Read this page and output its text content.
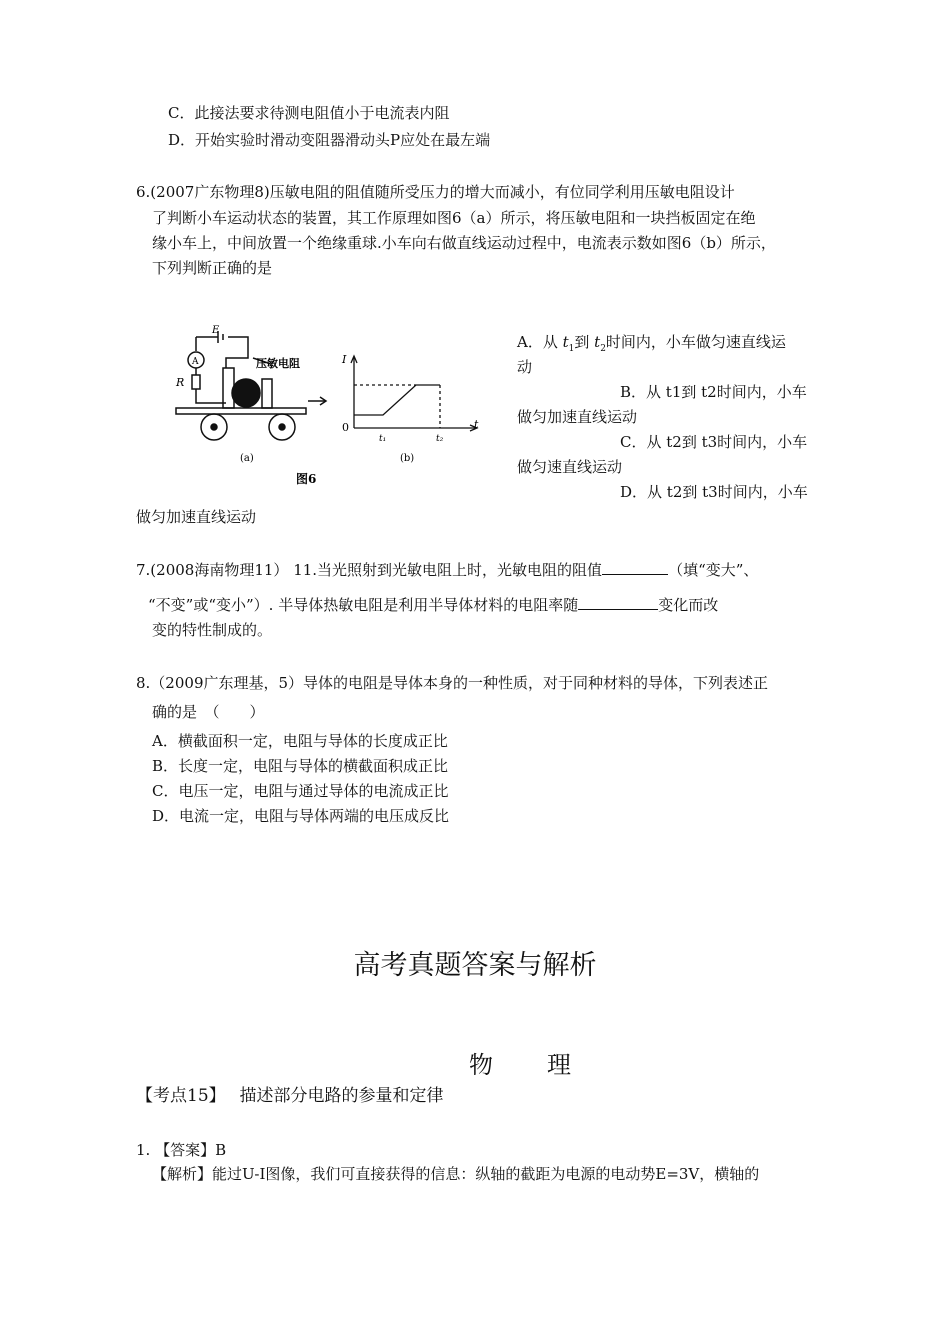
C．此接法要求待测电阻值小于电流表内阻
D．开始实验时滑动变阻器滑动头P应处在最左端
6.(2007广东物理8)压敏电阻的阻值随所受压力的增大而减小，有位同学利用压敏电阻设计
了判断小车运动状态的装置，其工作原理如图6（a）所示，将压敏电阻和一块挡板固定在绝
缘小车上，中间放置一个绝缘重球.小车向右做直线运动过程中，电流表示数如图6（b）所示，
下列判断正确的是
E
A
R
压敏电阻
(a)
图6
I
t
0
t₁	t₂
(b)
A．从 $t_1$到 $t_2$时间内，小车做匀速直线运
动
B．从 t1到 t2时间内，小车
做匀加速直线运动
C．从 t2到 t3时间内，小车
做匀速直线运动
D．从 t2到 t3时间内，小车
做匀加速直线运动
7.(2008海南物理11） 11.当光照射到光敏电阻上时，光敏电阻的阻值	（填“变大”、
“不变”或“变小”）. 半导体热敏电阻是利用半导体材料的电阻率随	变化而改
变的特性制成的。
8.（2009广东理基，5）导体的电阻是导体本身的一种性质，对于同种材料的导体，下列表述正
确的是　（　　）
A．横截面积一定，电阻与导体的长度成正比
B．长度一定，电阻与导体的横截面积成正比
C．电压一定，电阻与通过导体的电流成正比
D．电流一定，电阻与导体两端的电压成反比
高考真题答案与解析
物　　理
【考点15】　 描述部分电路的参量和定律
1. 【答案】B
【解析】能过U-I图像，我们可直接获得的信息：纵轴的截距为电源的电动势E=3V，横轴的
